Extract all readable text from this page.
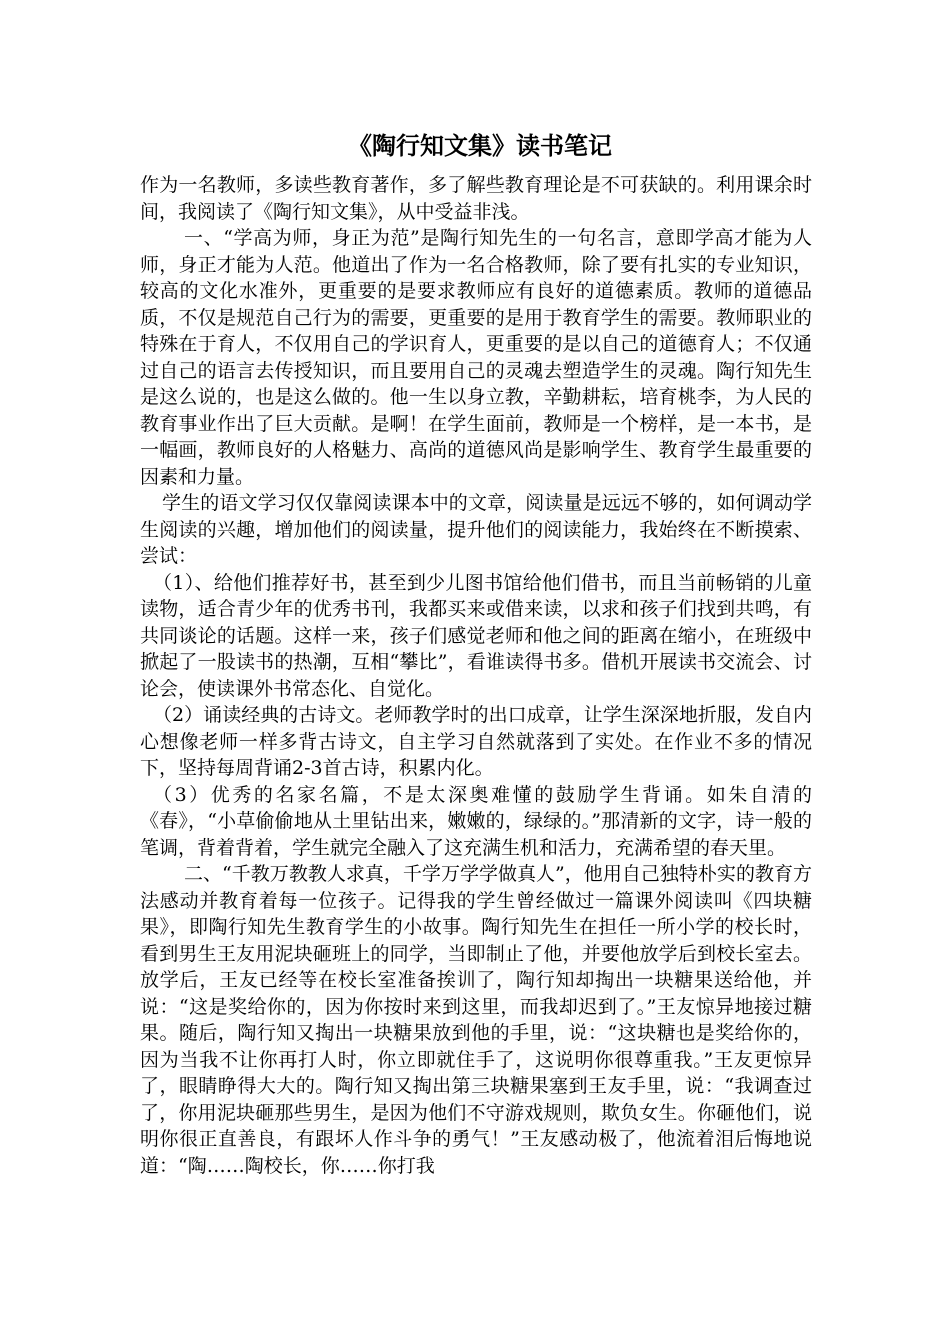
《陶行知文集》读书笔记

作为一名教师，多读些教育著作，多了解些教育理论是不可获缺的。利用课余时间，我阅读了《陶行知文集》，从中受益非浅。

一、“学高为师，身正为范”是陶行知先生的一句名言，意即学高才能为人师，身正才能为人范。他道出了作为一名合格教师，除了要有扎实的专业知识，较高的文化水准外，更重要的是要求教师应有良好的道德素质。教师的道德品质，不仅是规范自己行为的需要，更重要的是用于教育学生的需要。教师职业的特殊在于育人，不仅用自己的学识育人，更重要的是以自己的道德育人；不仅通过自己的语言去传授知识，而且要用自己的灵魂去塑造学生的灵魂。陶行知先生是这么说的，也是这么做的。他一生以身立教，辛勤耕耘，培育桃李，为人民的教育事业作出了巨大贡献。是啊！在学生面前，教师是一个榜样，是一本书，是一幅画，教师良好的人格魅力、高尚的道德风尚是影响学生、教育学生最重要的因素和力量。

学生的语文学习仅仅靠阅读课本中的文章，阅读量是远远不够的，如何调动学生阅读的兴趣，增加他们的阅读量，提升他们的阅读能力，我始终在不断摸索、尝试：

（1）、给他们推荐好书，甚至到少儿图书馆给他们借书，而且当前畅销的儿童读物，适合青少年的优秀书刊，我都买来或借来读，以求和孩子们找到共鸣，有共同谈论的话题。这样一来，孩子们感觉老师和他之间的距离在缩小，在班级中掀起了一股读书的热潮，互相“攀比”，看谁读得书多。借机开展读书交流会、讨论会，使读课外书常态化、自觉化。

（2）诵读经典的古诗文。老师教学时的出口成章，让学生深深地折服，发自内心想像老师一样多背古诗文，自主学习自然就落到了实处。在作业不多的情况下，坚持每周背诵2-3首古诗，积累内化。

（3）优秀的名家名篇，不是太深奥难懂的鼓励学生背诵。如朱自清的《春》，“小草偷偷地从土里钻出来，嫩嫩的，绿绿的。”那清新的文字，诗一般的笔调，背着背着，学生就完全融入了这充满生机和活力，充满希望的春天里。

二、“千教万教教人求真，千学万学学做真人”，他用自己独特朴实的教育方法感动并教育着每一位孩子。记得我的学生曾经做过一篇课外阅读叫《四块糖果》，即陶行知先生教育学生的小故事。陶行知先生在担任一所小学的校长时，看到男生王友用泥块砸班上的同学，当即制止了他，并要他放学后到校长室去。放学后，王友已经等在校长室准备挨训了，陶行知却掏出一块糖果送给他，并说：“这是奖给你的，因为你按时来到这里，而我却迟到了。”王友惊异地接过糖果。随后，陶行知又掏出一块糖果放到他的手里，说：“这块糖也是奖给你的，因为当我不让你再打人时，你立即就住手了，这说明你很尊重我。”王友更惊异了，眼睛睁得大大的。陶行知又掏出第三块糖果塞到王友手里，说：“我调查过了，你用泥块砸那些男生，是因为他们不守游戏规则，欺负女生。你砸他们，说明你很正直善良，有跟坏人作斗争的勇气！”王友感动极了，他流着泪后悔地说道：“陶……陶校长，你……你打我
